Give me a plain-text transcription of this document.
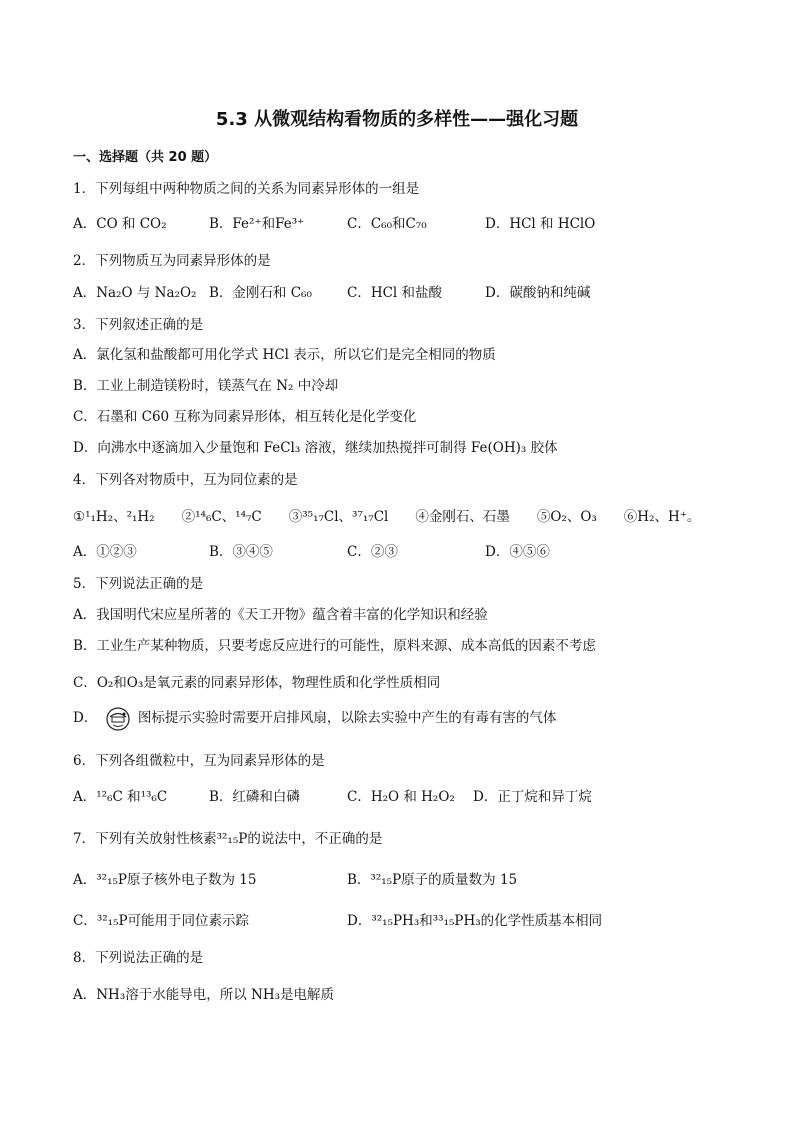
5.3 从微观结构看物质的多样性——强化习题
一、选择题（共 20 题）
1．下列每组中两种物质之间的关系为同素异形体的一组是
A．CO 和 CO₂	B．Fe²⁺和Fe³⁺	C．C₆₀和C₇₀	D．HCl 和 HClO
2．下列物质互为同素异形体的是
A．Na₂O 与 Na₂O₂ B．金刚石和 C₆₀	C．HCl 和盐酸	D．碳酸钠和纯碱
3．下列叙述正确的是
A．氯化氢和盐酸都可用化学式 HCl 表示，所以它们是完全相同的物质
B．工业上制造镁粉时，镁蒸气在 N₂ 中冷却
C．石墨和 C60 互称为同素异形体，相互转化是化学变化
D．向沸水中逐滴加入少量饱和 FeCl₃ 溶液，继续加热搅拌可制得 Fe(OH)₃ 胶体
4．下列各对物质中，互为同位素的是
①¹₁H₂、²₁H₂　　②¹⁴₆C、¹⁴₇C　　③³⁵₁₇Cl、³⁷₁₇Cl　　④金刚石、石墨　　⑤O₂、O₃　　⑥H₂、H⁺。
A．①②③	B．③④⑤	C．②③	D．④⑤⑥
5．下列说法正确的是
A．我国明代宋应星所著的《天工开物》蕴含着丰富的化学知识和经验
B．工业生产某种物质，只要考虑反应进行的可能性，原料来源、成本高低的因素不考虑
C．O₂和O₃是氧元素的同素异形体，物理性质和化学性质相同
D．	图标提示实验时需要开启排风扇，以除去实验中产生的有毒有害的气体
6．下列各组微粒中，互为同素异形体的是
A．¹²₆C 和¹³₆C	B．红磷和白磷	C．H₂O 和 H₂O₂ D．正丁烷和异丁烷
7．下列有关放射性核素³²₁₅P的说法中，不正确的是
A．³²₁₅P原子核外电子数为 15	B．³²₁₅P原子的质量数为 15
C．³²₁₅P可能用于同位素示踪	D．³²₁₅PH₃和³³₁₅PH₃的化学性质基本相同
8．下列说法正确的是
A．NH₃溶于水能导电，所以 NH₃是电解质
